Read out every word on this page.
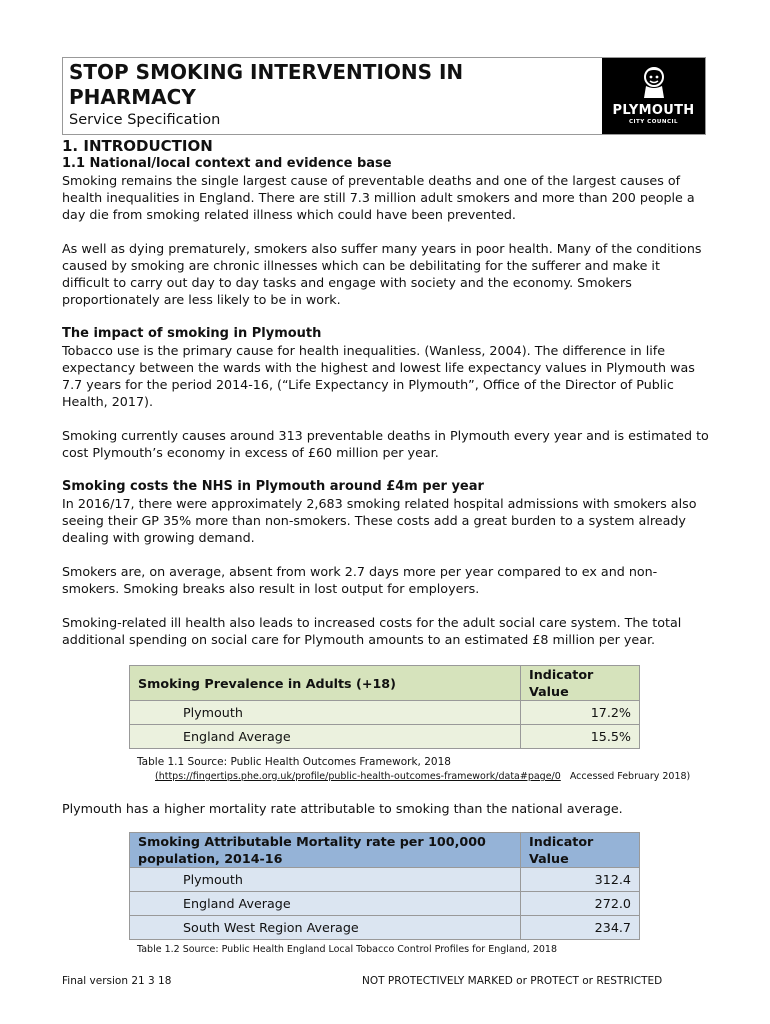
STOP SMOKING INTERVENTIONS IN PHARMACY
Service Specification
PLYMOUTH
CITY COUNCIL
1. INTRODUCTION
1.1 National/local context and evidence base

Smoking remains the single largest cause of preventable deaths and one of the largest causes of health inequalities in England. There are still 7.3 million adult smokers and more than 200 people a day die from smoking related illness which could have been prevented.

As well as dying prematurely, smokers also suffer many years in poor health. Many of the conditions caused by smoking are chronic illnesses which can be debilitating for the sufferer and make it difficult to carry out day to day tasks and engage with society and the economy. Smokers proportionately are less likely to be in work.

The impact of smoking in Plymouth

Tobacco use is the primary cause for health inequalities. (Wanless, 2004). The difference in life expectancy between the wards with the highest and lowest life expectancy values in Plymouth was 7.7 years for the period 2014-16, (“Life Expectancy in Plymouth”, Office of the Director of Public Health, 2017).

Smoking currently causes around 313 preventable deaths in Plymouth every year and is estimated to cost Plymouth’s economy in excess of £60 million per year.

Smoking costs the NHS in Plymouth around £4m per year

In 2016/17, there were approximately 2,683 smoking related hospital admissions with smokers also seeing their GP 35% more than non-smokers. These costs add a great burden to a system already dealing with growing demand.

Smokers are, on average, absent from work 2.7 days more per year compared to ex and non-smokers. Smoking breaks also result in lost output for employers.

Smoking-related ill health also leads to increased costs for the adult social care system. The total additional spending on social care for Plymouth amounts to an estimated £8 million per year.

Smoking Prevalence in Adults (+18)	Indicator Value
Plymouth	17.2%
England Average	15.5%
Table 1.1 Source: Public Health Outcomes Framework, 2018
(https://fingertips.phe.org.uk/profile/public-health-outcomes-framework/data#page/0 Accessed February 2018)

Plymouth has a higher mortality rate attributable to smoking than the national average.

Smoking Attributable Mortality rate per 100,000 population, 2014-16	Indicator Value
Plymouth	312.4
England Average	272.0
South West Region Average	234.7
Table 1.2 Source: Public Health England Local Tobacco Control Profiles for England, 2018
Final version 21 3 18	NOT PROTECTIVELY MARKED or PROTECT or RESTRICTED
